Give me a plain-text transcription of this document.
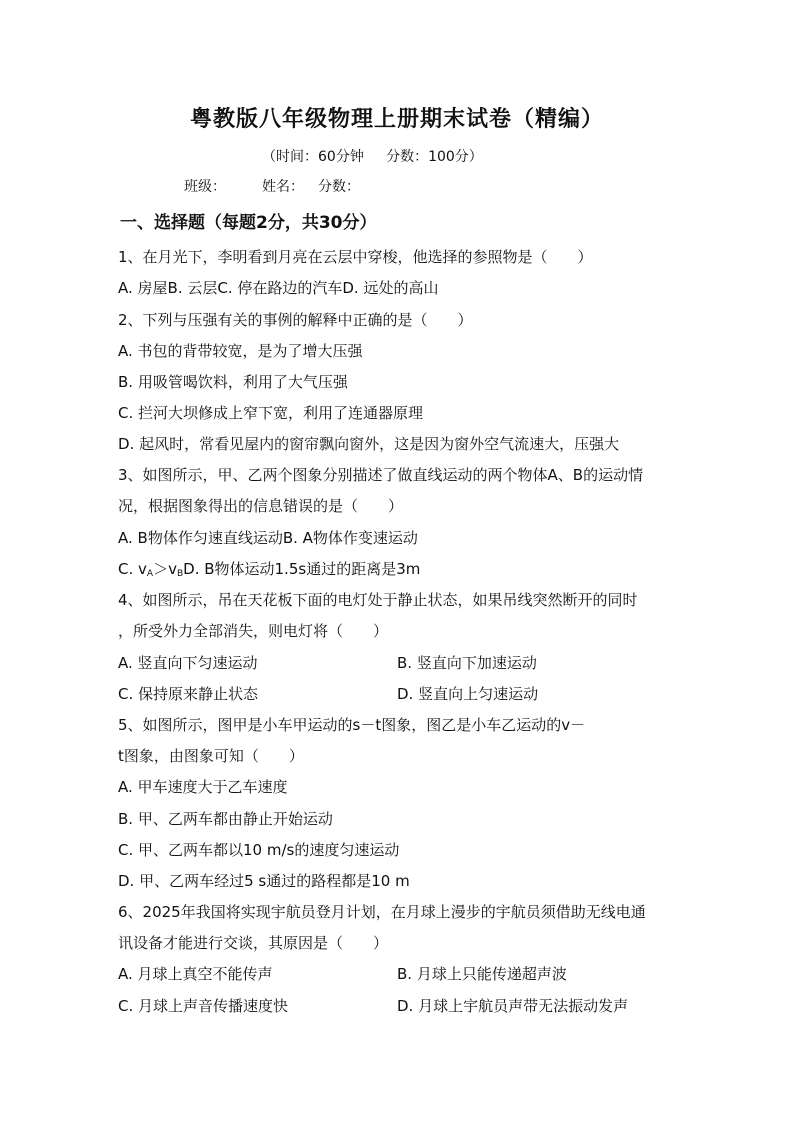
粤教版八年级物理上册期末试卷（精编）
（时间：60分钟     分数：100分）
班级：	姓名： 分数：
一、选择题（每题2分，共30分）
1、在月光下，李明看到月亮在云层中穿梭，他选择的参照物是（　　）
A. 房屋B. 云层C. 停在路边的汽车D. 远处的高山
2、下列与压强有关的事例的解释中正确的是（　　）
A. 书包的背带较宽，是为了增大压强
B. 用吸管喝饮料，利用了大气压强
C. 拦河大坝修成上窄下宽，利用了连通器原理
D. 起风时，常看见屋内的窗帘飘向窗外，这是因为窗外空气流速大，压强大
3、如图所示，甲、乙两个图象分别描述了做直线运动的两个物体A、B的运动情
况，根据图象得出的信息错误的是（　　）
A. B物体作匀速直线运动B. A物体作变速运动
C. $v_A>v_BD$. B物体运动1.5s通过的距离是3m
4、如图所示，吊在天花板下面的电灯处于静止状态，如果吊线突然断开的同时
，所受外力全部消失，则电灯将（　　）
A. 竖直向下匀速运动	B. 竖直向下加速运动
C. 保持原来静止状态	D. 竖直向上匀速运动
5、如图所示，图甲是小车甲运动的s－t图象，图乙是小车乙运动的v－
t图象，由图象可知（　　）
A. 甲车速度大于乙车速度
B. 甲、乙两车都由静止开始运动
C. 甲、乙两车都以10 m/s的速度匀速运动
D. 甲、乙两车经过5 s通过的路程都是10 m
6、2025年我国将实现宇航员登月计划，在月球上漫步的宇航员须借助无线电通
讯设备才能进行交谈，其原因是（　　）
A. 月球上真空不能传声	B. 月球上只能传递超声波
C. 月球上声音传播速度快	D. 月球上宇航员声带无法振动发声
